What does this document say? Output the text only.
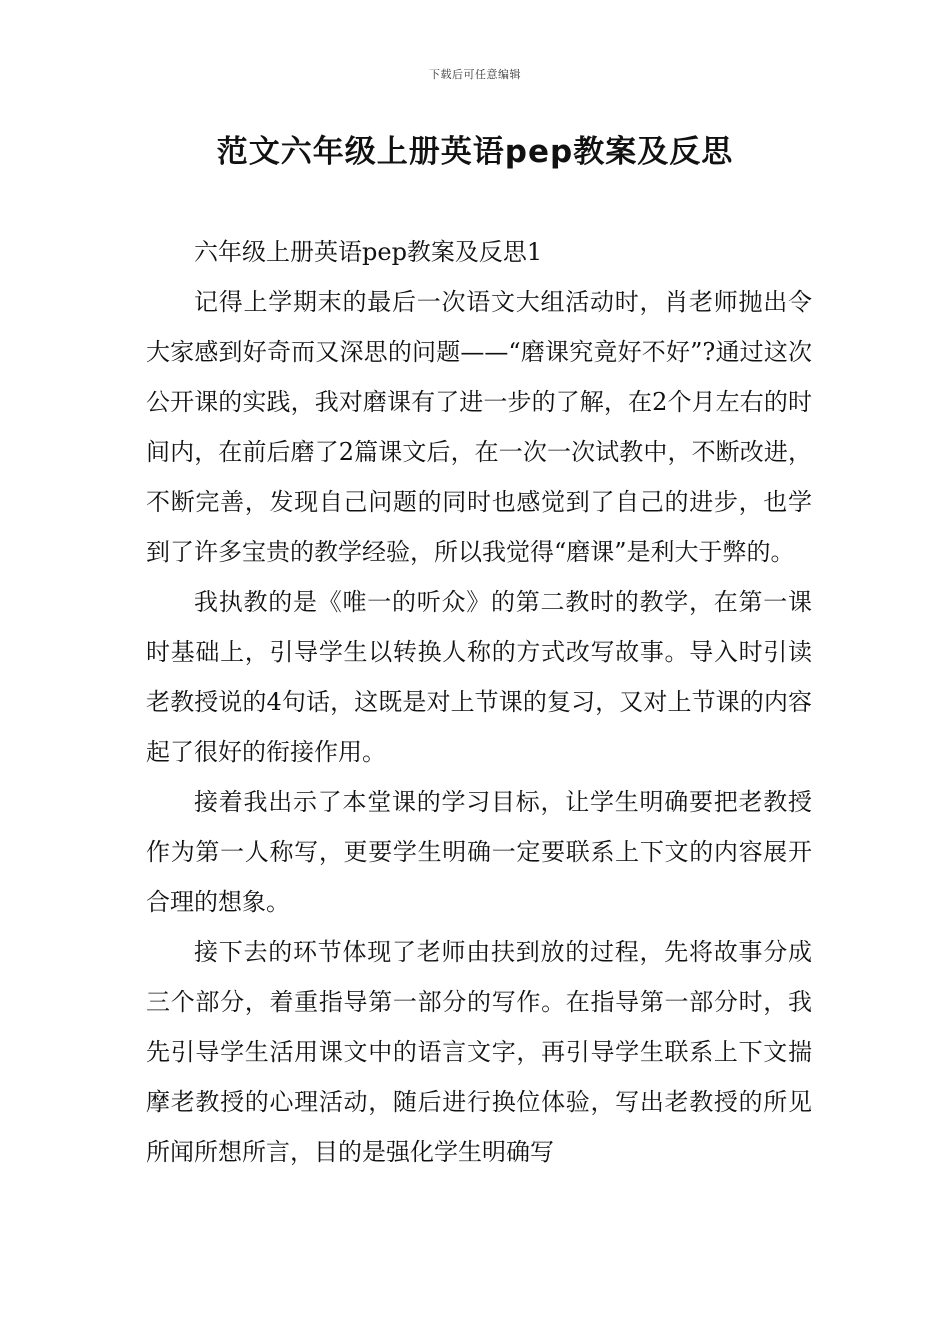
下载后可任意编辑
范文六年级上册英语pep教案及反思

六年级上册英语pep教案及反思1

记得上学期末的最后一次语文大组活动时，肖老师抛出令大家感到好奇而又深思的问题——“磨课究竟好不好”?通过这次公开课的实践，我对磨课有了进一步的了解，在2个月左右的时间内，在前后磨了2篇课文后，在一次一次试教中，不断改进，不断完善，发现自己问题的同时也感觉到了自己的进步，也学到了许多宝贵的教学经验，所以我觉得“磨课”是利大于弊的。

我执教的是《唯一的听众》的第二教时的教学，在第一课时基础上，引导学生以转换人称的方式改写故事。导入时引读老教授说的4句话，这既是对上节课的复习，又对上节课的内容起了很好的衔接作用。

接着我出示了本堂课的学习目标，让学生明确要把老教授作为第一人称写，更要学生明确一定要联系上下文的内容展开合理的想象。

接下去的环节体现了老师由扶到放的过程，先将故事分成三个部分，着重指导第一部分的写作。在指导第一部分时，我先引导学生活用课文中的语言文字，再引导学生联系上下文揣摩老教授的心理活动，随后进行换位体验，写出老教授的所见所闻所想所言，目的是强化学生明确写
